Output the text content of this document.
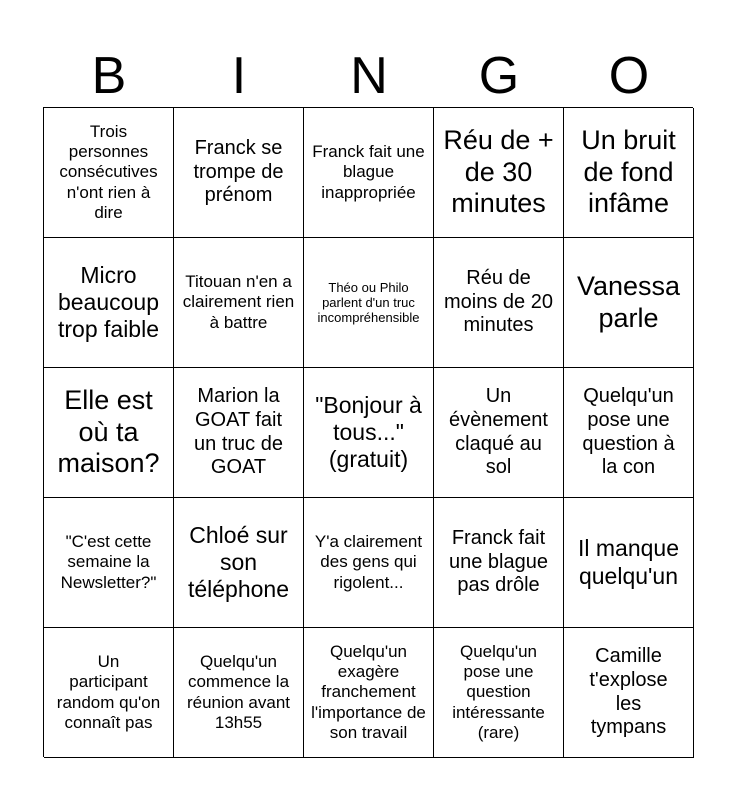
B	I	N	G	O
Trois personnes consécutives n'ont rien à dire
Franck se trompe de prénom
Franck fait une blague inappropriée
Réu de + de 30 minutes
Un bruit de fond infâme
Micro beaucoup trop faible
Titouan n'en a clairement rien à battre
Théo ou Philo parlent d'un truc incompréhensible
Réu de moins de 20 minutes
Vanessa parle
Elle est où ta maison?
Marion la GOAT fait un truc de GOAT
"Bonjour à tous..." (gratuit)
Un évènement claqué au sol
Quelqu'un pose une question à la con
"C'est cette semaine la Newsletter?"
Chloé sur son téléphone
Y'a clairement des gens qui rigolent...
Franck fait une blague pas drôle
Il manque quelqu'un
Un participant random qu'on connaît pas
Quelqu'un commence la réunion avant 13h55
Quelqu'un exagère franchement l'importance de son travail
Quelqu'un pose une question intéressante (rare)
Camille t'explose les tympans
